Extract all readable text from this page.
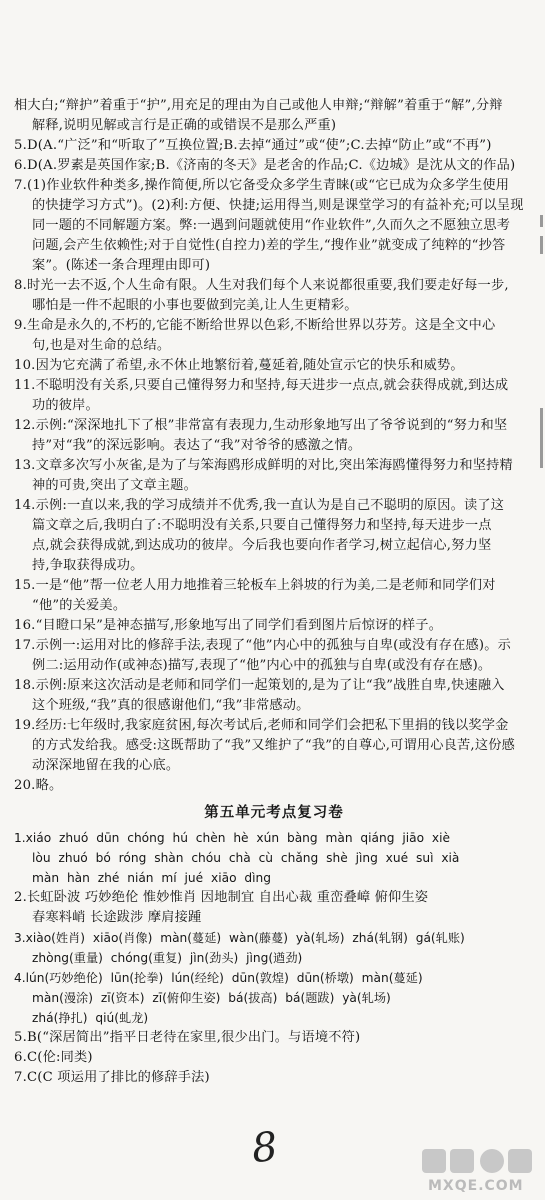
相大白;“辩护”着重于“护”,用充足的理由为自己或他人申辩;“辩解”着重于“解”,分辩
解释,说明见解或言行是正确的或错误不是那么严重)
5.D(A.“广泛”和“听取了”互换位置;B.去掉“通过”或“使”;C.去掉“防止”或“不再”)
6.D(A.罗素是英国作家;B.《济南的冬天》是老舍的作品;C.《边城》是沈从文的作品)
7.(1)作业软件种类多,操作简便,所以它备受众多学生青睐(或“它已成为众多学生使用
的快捷学习方式”)。(2)利:方便、快捷;运用得当,则是课堂学习的有益补充;可以呈现
同一题的不同解题方案。弊:一遇到问题就使用“作业软件”,久而久之不愿独立思考
问题,会产生依赖性;对于自觉性(自控力)差的学生,“搜作业”就变成了纯粹的“抄答
案”。(陈述一条合理理由即可)
8.时光一去不返,个人生命有限。人生对我们每个人来说都很重要,我们要走好每一步,
哪怕是一件不起眼的小事也要做到完美,让人生更精彩。
9.生命是永久的,不朽的,它能不断给世界以色彩,不断给世界以芬芳。这是全文中心
句,也是对生命的总结。
10.因为它充满了希望,永不休止地繁衍着,蔓延着,随处宣示它的快乐和威势。
11.不聪明没有关系,只要自己懂得努力和坚持,每天进步一点点,就会获得成就,到达成
功的彼岸。
12.示例:“深深地扎下了根”非常富有表现力,生动形象地写出了爷爷说到的“努力和坚
持”对“我”的深远影响。表达了“我”对爷爷的感激之情。
13.文章多次写小灰雀,是为了与笨海鸥形成鲜明的对比,突出笨海鸥懂得努力和坚持精
神的可贵,突出了文章主题。
14.示例:一直以来,我的学习成绩并不优秀,我一直认为是自己不聪明的原因。读了这
篇文章之后,我明白了:不聪明没有关系,只要自己懂得努力和坚持,每天进步一点
点,就会获得成就,到达成功的彼岸。今后我也要向作者学习,树立起信心,努力坚
持,争取获得成功。
15.一是“他”帮一位老人用力地推着三轮板车上斜坡的行为美,二是老师和同学们对
“他”的关爱美。
16.“目瞪口呆”是神态描写,形象地写出了同学们看到图片后惊讶的样子。
17.示例一:运用对比的修辞手法,表现了“他”内心中的孤独与自卑(或没有存在感)。示
例二:运用动作(或神态)描写,表现了“他”内心中的孤独与自卑(或没有存在感)。
18.示例:原来这次活动是老师和同学们一起策划的,是为了让“我”战胜自卑,快速融入
这个班级,“我”真的很感谢他们,“我”非常感动。
19.经历:七年级时,我家庭贫困,每次考试后,老师和同学们会把私下里捐的钱以奖学金
的方式发给我。感受:这既帮助了“我”又维护了“我”的自尊心,可谓用心良苦,这份感
动深深地留在我的心底。
20.略。
第五单元考点复习卷
1.xiáo zhuó dūn chóng hú chèn hè xún bàng màn qiáng jiāo xiè
lòu zhuó bó róng shàn chóu chà cù chǎng shè jìng xué suì xià
màn hàn zhé nián mí jué xiāo dìng
2.长虹卧波 巧妙绝伦 惟妙惟肖 因地制宜 自出心裁 重峦叠嶂 俯仰生姿
春寒料峭 长途跋涉 摩肩接踵
3.xiào(姓肖) xiāo(肖像) màn(蔓延) wàn(藤蔓) yà(轧场) zhá(轧钢) gá(轧账)
zhòng(重量) chóng(重复) jìn(劲头) jìng(遒劲)
4.lún(巧妙绝伦) lūn(抡拳) lún(经纶) dūn(敦煌) dūn(桥墩) màn(蔓延)
màn(漫涂) zī(资本) zī(俯仰生姿) bá(拔高) bá(题跋) yà(轧场)
zhá(挣扎) qiú(虬龙)
5.B(“深居简出”指平日老待在家里,很少出门。与语境不符)
6.C(伦:同类)
7.C(C 项运用了排比的修辞手法)
8
MXQE.COM
